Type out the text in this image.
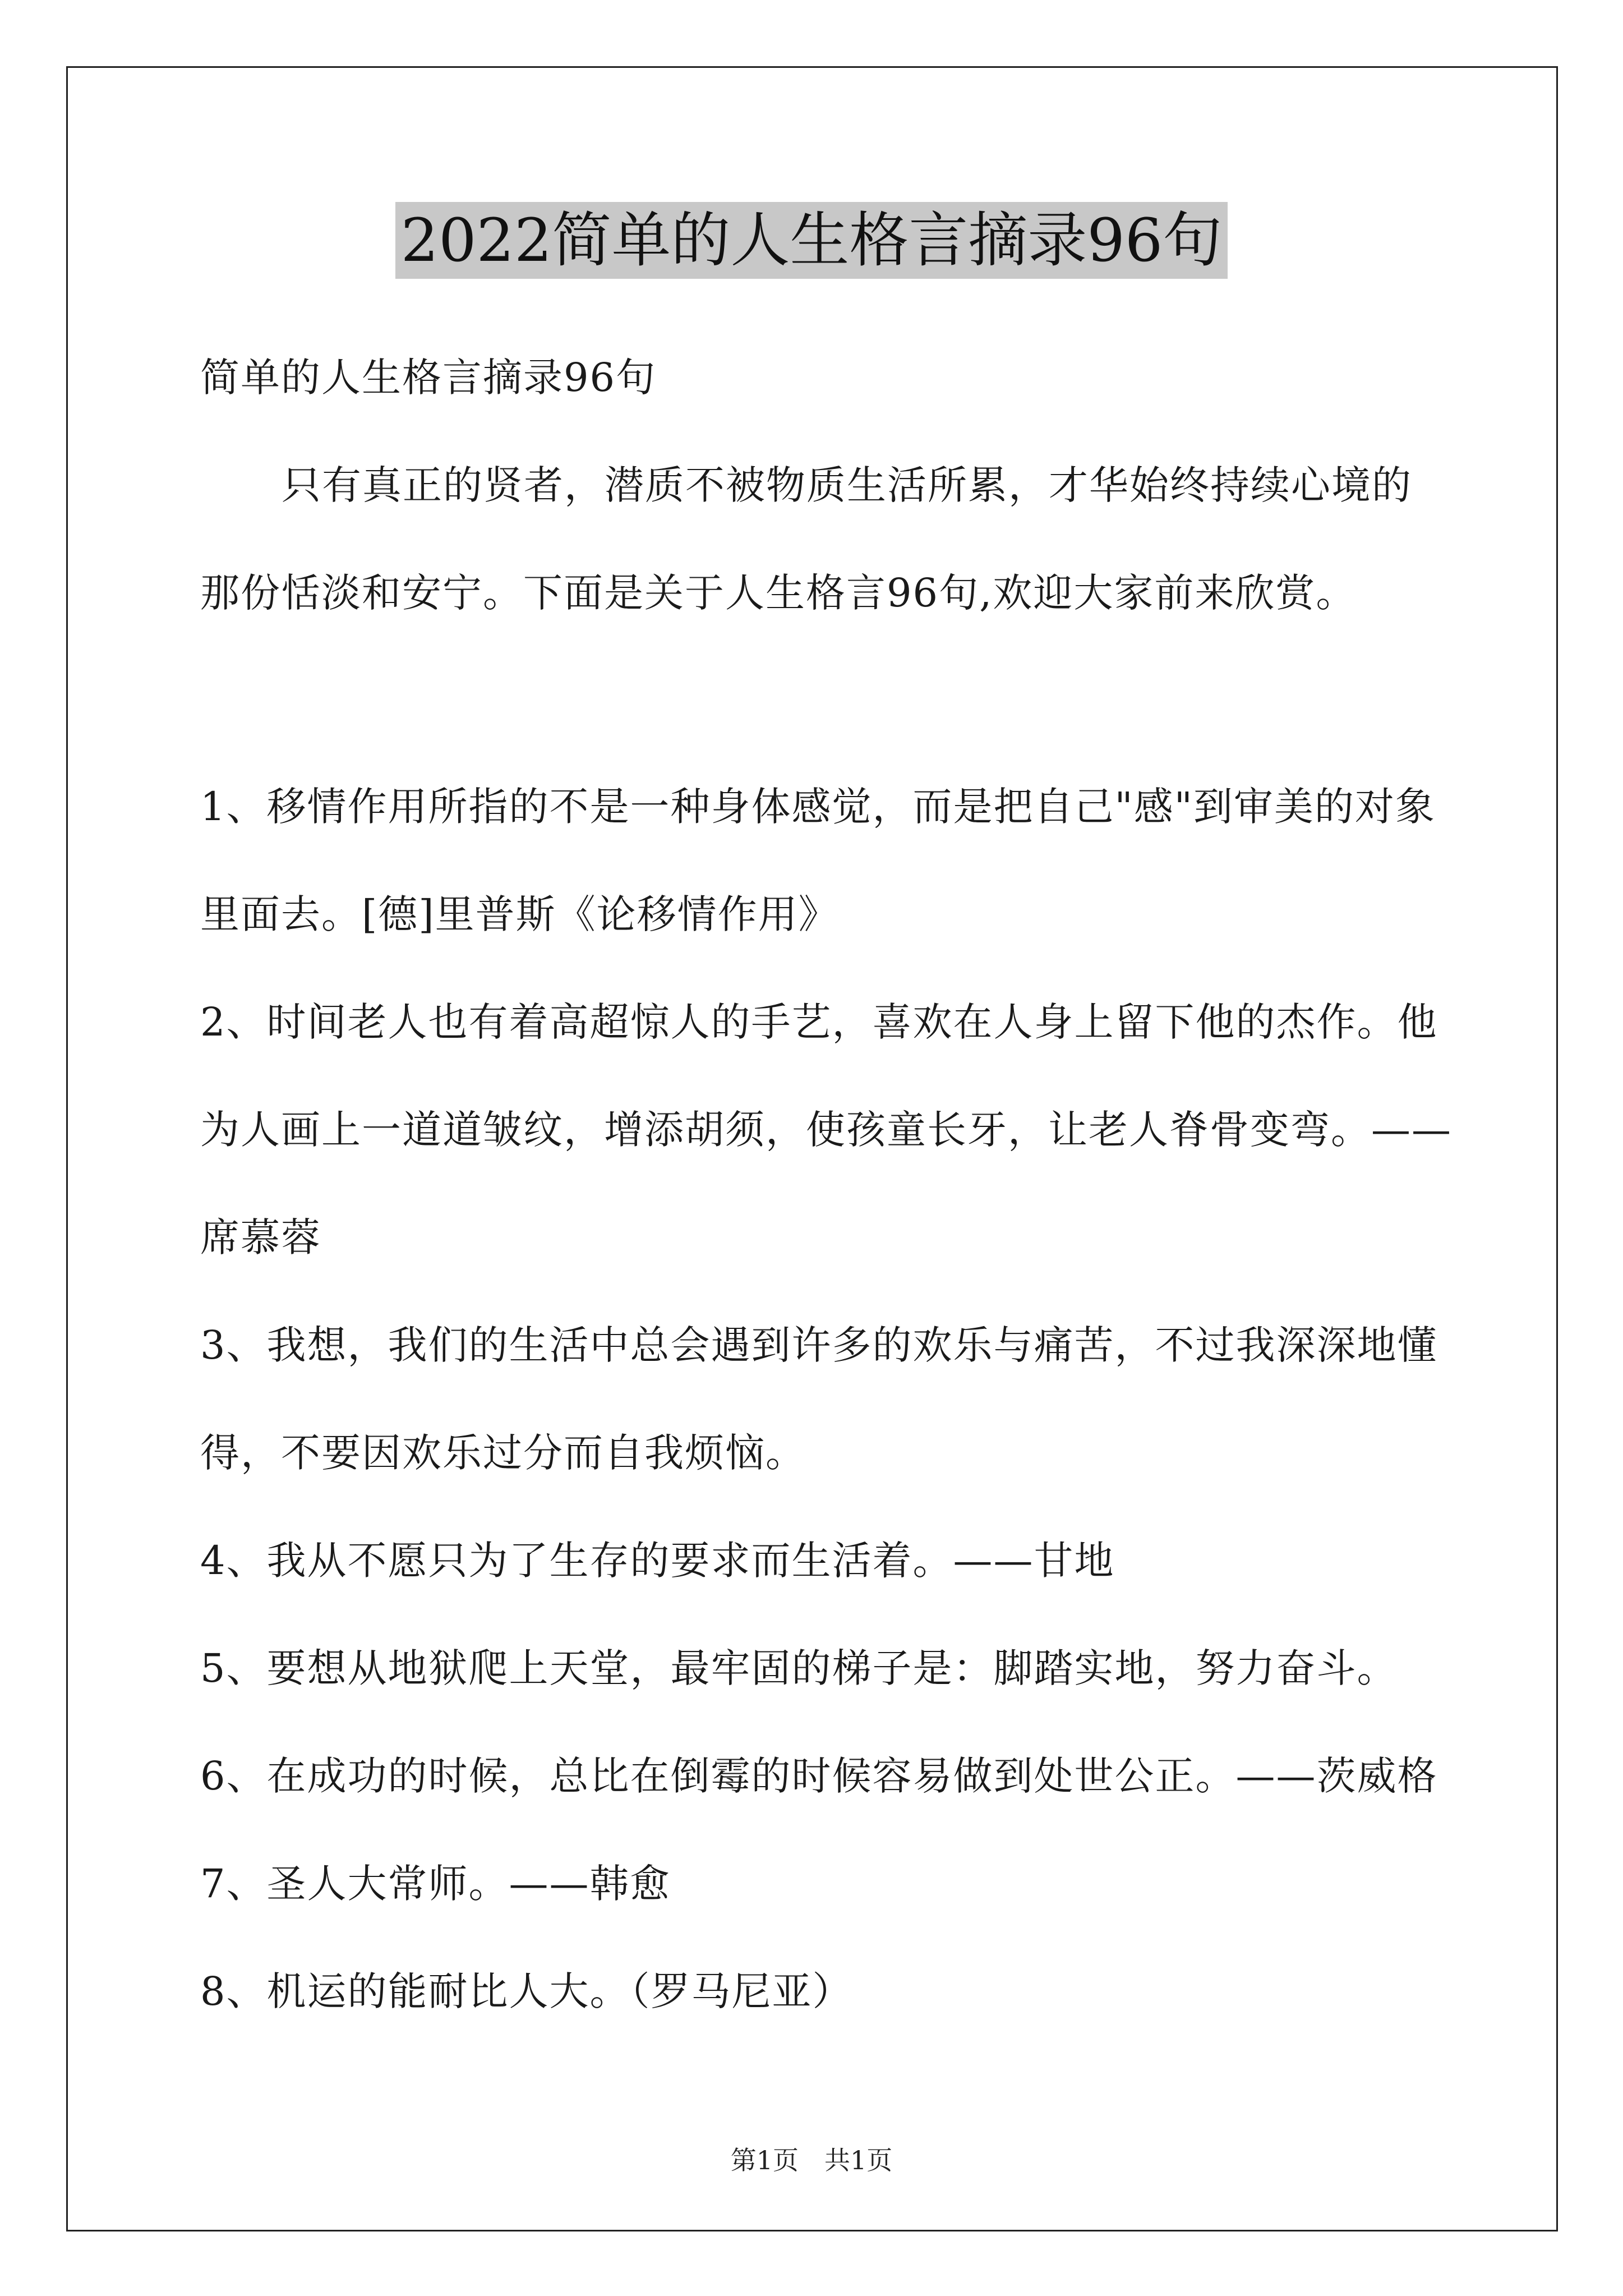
2022简单的人生格言摘录96句
简单的人生格言摘录96句
只有真正的贤者，潜质不被物质生活所累，才华始终持续心境的
那份恬淡和安宁。下面是关于人生格言96句,欢迎大家前来欣赏。
1、移情作用所指的不是一种身体感觉，而是把自己"感"到审美的对象
里面去。[德]里普斯《论移情作用》
2、时间老人也有着高超惊人的手艺，喜欢在人身上留下他的杰作。他
为人画上一道道皱纹，增添胡须，使孩童长牙，让老人脊骨变弯。——
席慕蓉
3、我想，我们的生活中总会遇到许多的欢乐与痛苦，不过我深深地懂
得，不要因欢乐过分而自我烦恼。
4、我从不愿只为了生存的要求而生活着。——甘地
5、要想从地狱爬上天堂，最牢固的梯子是：脚踏实地，努力奋斗。
6、在成功的时候，总比在倒霉的时候容易做到处世公正。——茨威格
7、圣人大常师。——韩愈
8、机运的能耐比人大。（罗马尼亚）
第1页　共1页
